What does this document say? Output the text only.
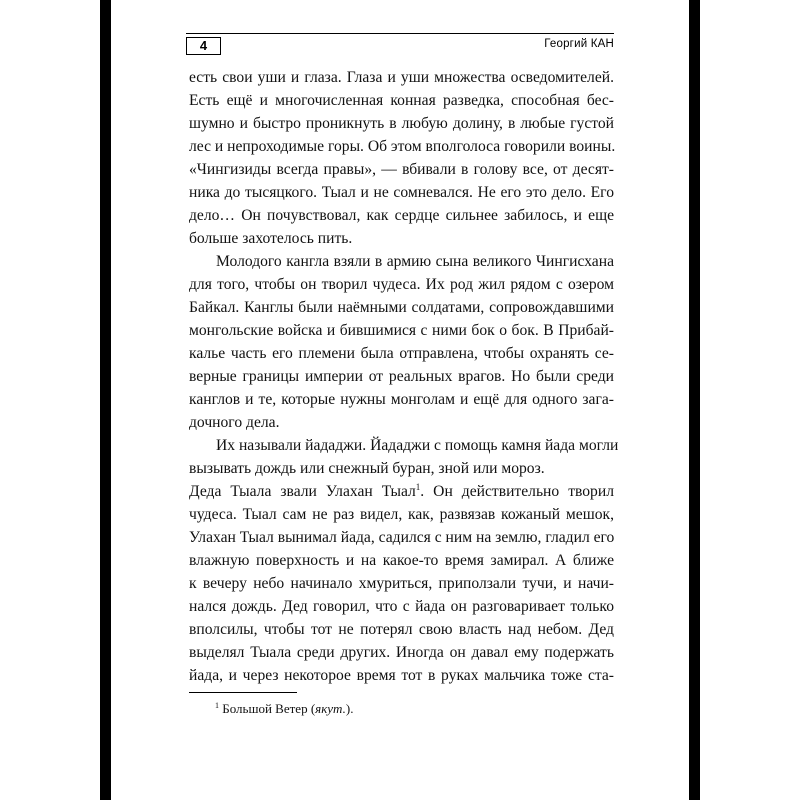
4	Георгий КАН
есть свои уши и глаза. Глаза и уши множества осведомителей.
Есть ещё и многочисленная конная разведка, способная бес-
шумно и быстро проникнуть в любую долину, в любые густой
лес и непроходимые горы. Об этом вполголоса говорили воины.
«Чингизиды всегда правы», — вбивали в голову все, от десят-
ника до тысяцкого. Тыал и не сомневался. Не его это дело. Его
дело… Он почувствовал, как сердце сильнее забилось, и еще
больше захотелось пить.
Молодого кангла взяли в армию сына великого Чингисхана
для того, чтобы он творил чудеса. Их род жил рядом с озером
Байкал. Канглы были наёмными солдатами, сопровождавшими
монгольские войска и бившимися с ними бок о бок. В Прибай-
калье часть его племени была отправлена, чтобы охранять се-
верные границы империи от реальных врагов. Но были среди
канглов и те, которые нужны монголам и ещё для одного зага-
дочного дела.
Их называли йададжи. Йададжи с помощь камня йада могли
вызывать дождь или снежный буран, зной или мороз.
Деда Тыала звали Улахан Тыал$^1$. Он действительно творил
чудеса. Тыал сам не раз видел, как, развязав кожаный мешок,
Улахан Тыал вынимал йада, садился с ним на землю, гладил его
влажную поверхность и на какое-то время замирал. А ближе
к вечеру небо начинало хмуриться, приползали тучи, и начи-
нался дождь. Дед говорил, что с йада он разговаривает только
вполсилы, чтобы тот не потерял свою власть над небом. Дед
выделял Тыала среди других. Иногда он давал ему подержать
йада, и через некоторое время тот в руках мальчика тоже ста-
$^1$ Большой Ветер (якут.).
